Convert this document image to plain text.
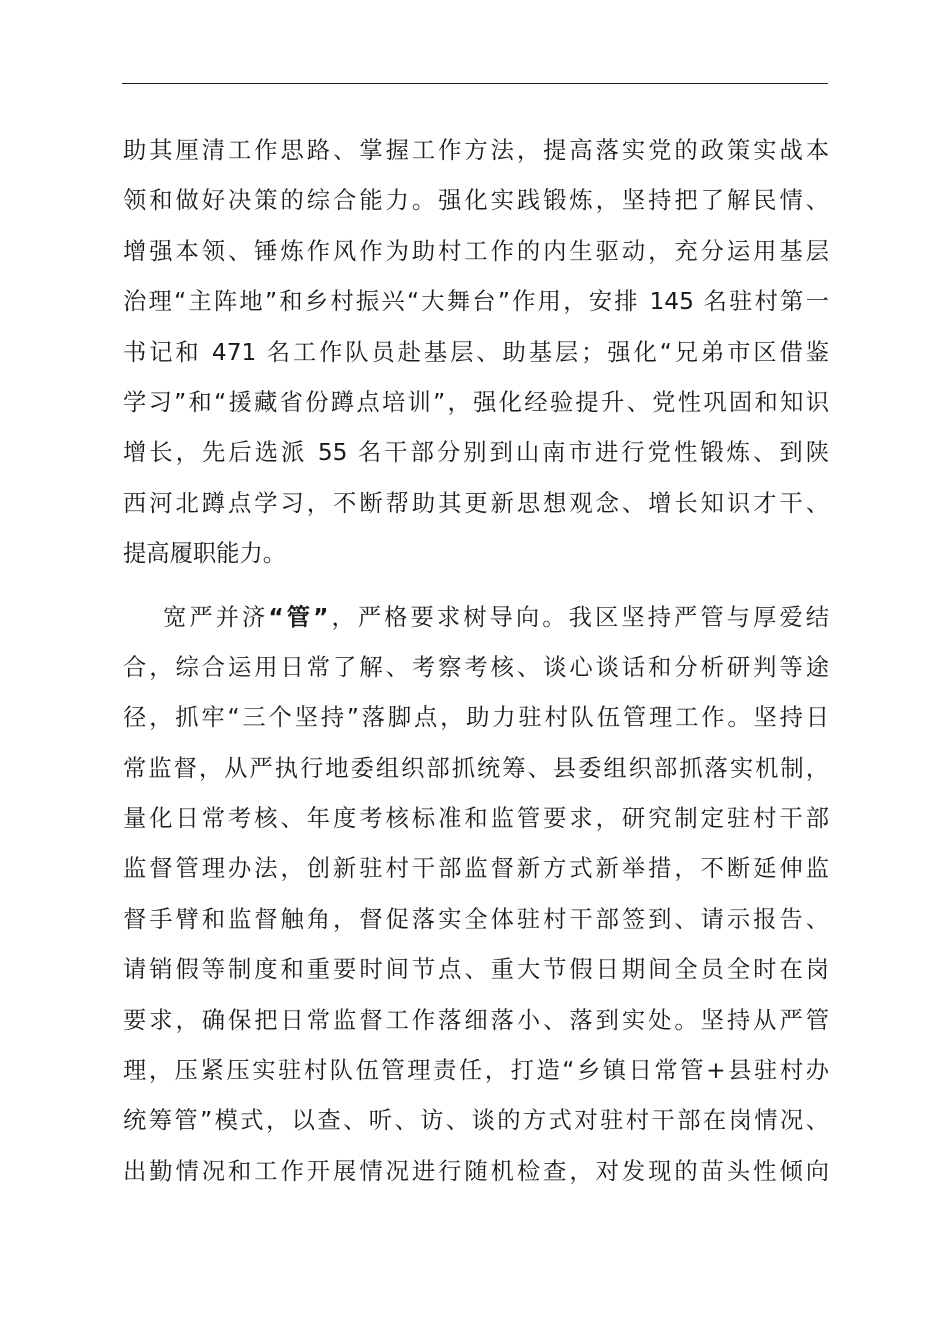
助其厘清工作思路、掌握工作方法，提高落实党的政策实战本
领和做好决策的综合能力。强化实践锻炼，坚持把了解民情、
增强本领、锤炼作风作为助村工作的内生驱动，充分运用基层
治理“主阵地”和乡村振兴“大舞台”作用，安排 145 名驻村第一
书记和 471 名工作队员赴基层、助基层；强化“兄弟市区借鉴
学习”和“援藏省份蹲点培训”，强化经验提升、党性巩固和知识
增长，先后选派 55 名干部分别到山南市进行党性锻炼、到陕
西河北蹲点学习，不断帮助其更新思想观念、增长知识才干、
提高履职能力。
宽严并济“管”，严格要求树导向。我区坚持严管与厚爱结
合，综合运用日常了解、考察考核、谈心谈话和分析研判等途
径，抓牢“三个坚持”落脚点，助力驻村队伍管理工作。坚持日
常监督，从严执行地委组织部抓统筹、县委组织部抓落实机制，
量化日常考核、年度考核标准和监管要求，研究制定驻村干部
监督管理办法，创新驻村干部监督新方式新举措，不断延伸监
督手臂和监督触角，督促落实全体驻村干部签到、请示报告、
请销假等制度和重要时间节点、重大节假日期间全员全时在岗
要求，确保把日常监督工作落细落小、落到实处。坚持从严管
理，压紧压实驻村队伍管理责任，打造“乡镇日常管+县驻村办
统筹管”模式，以查、听、访、谈的方式对驻村干部在岗情况、
出勤情况和工作开展情况进行随机检查，对发现的苗头性倾向
